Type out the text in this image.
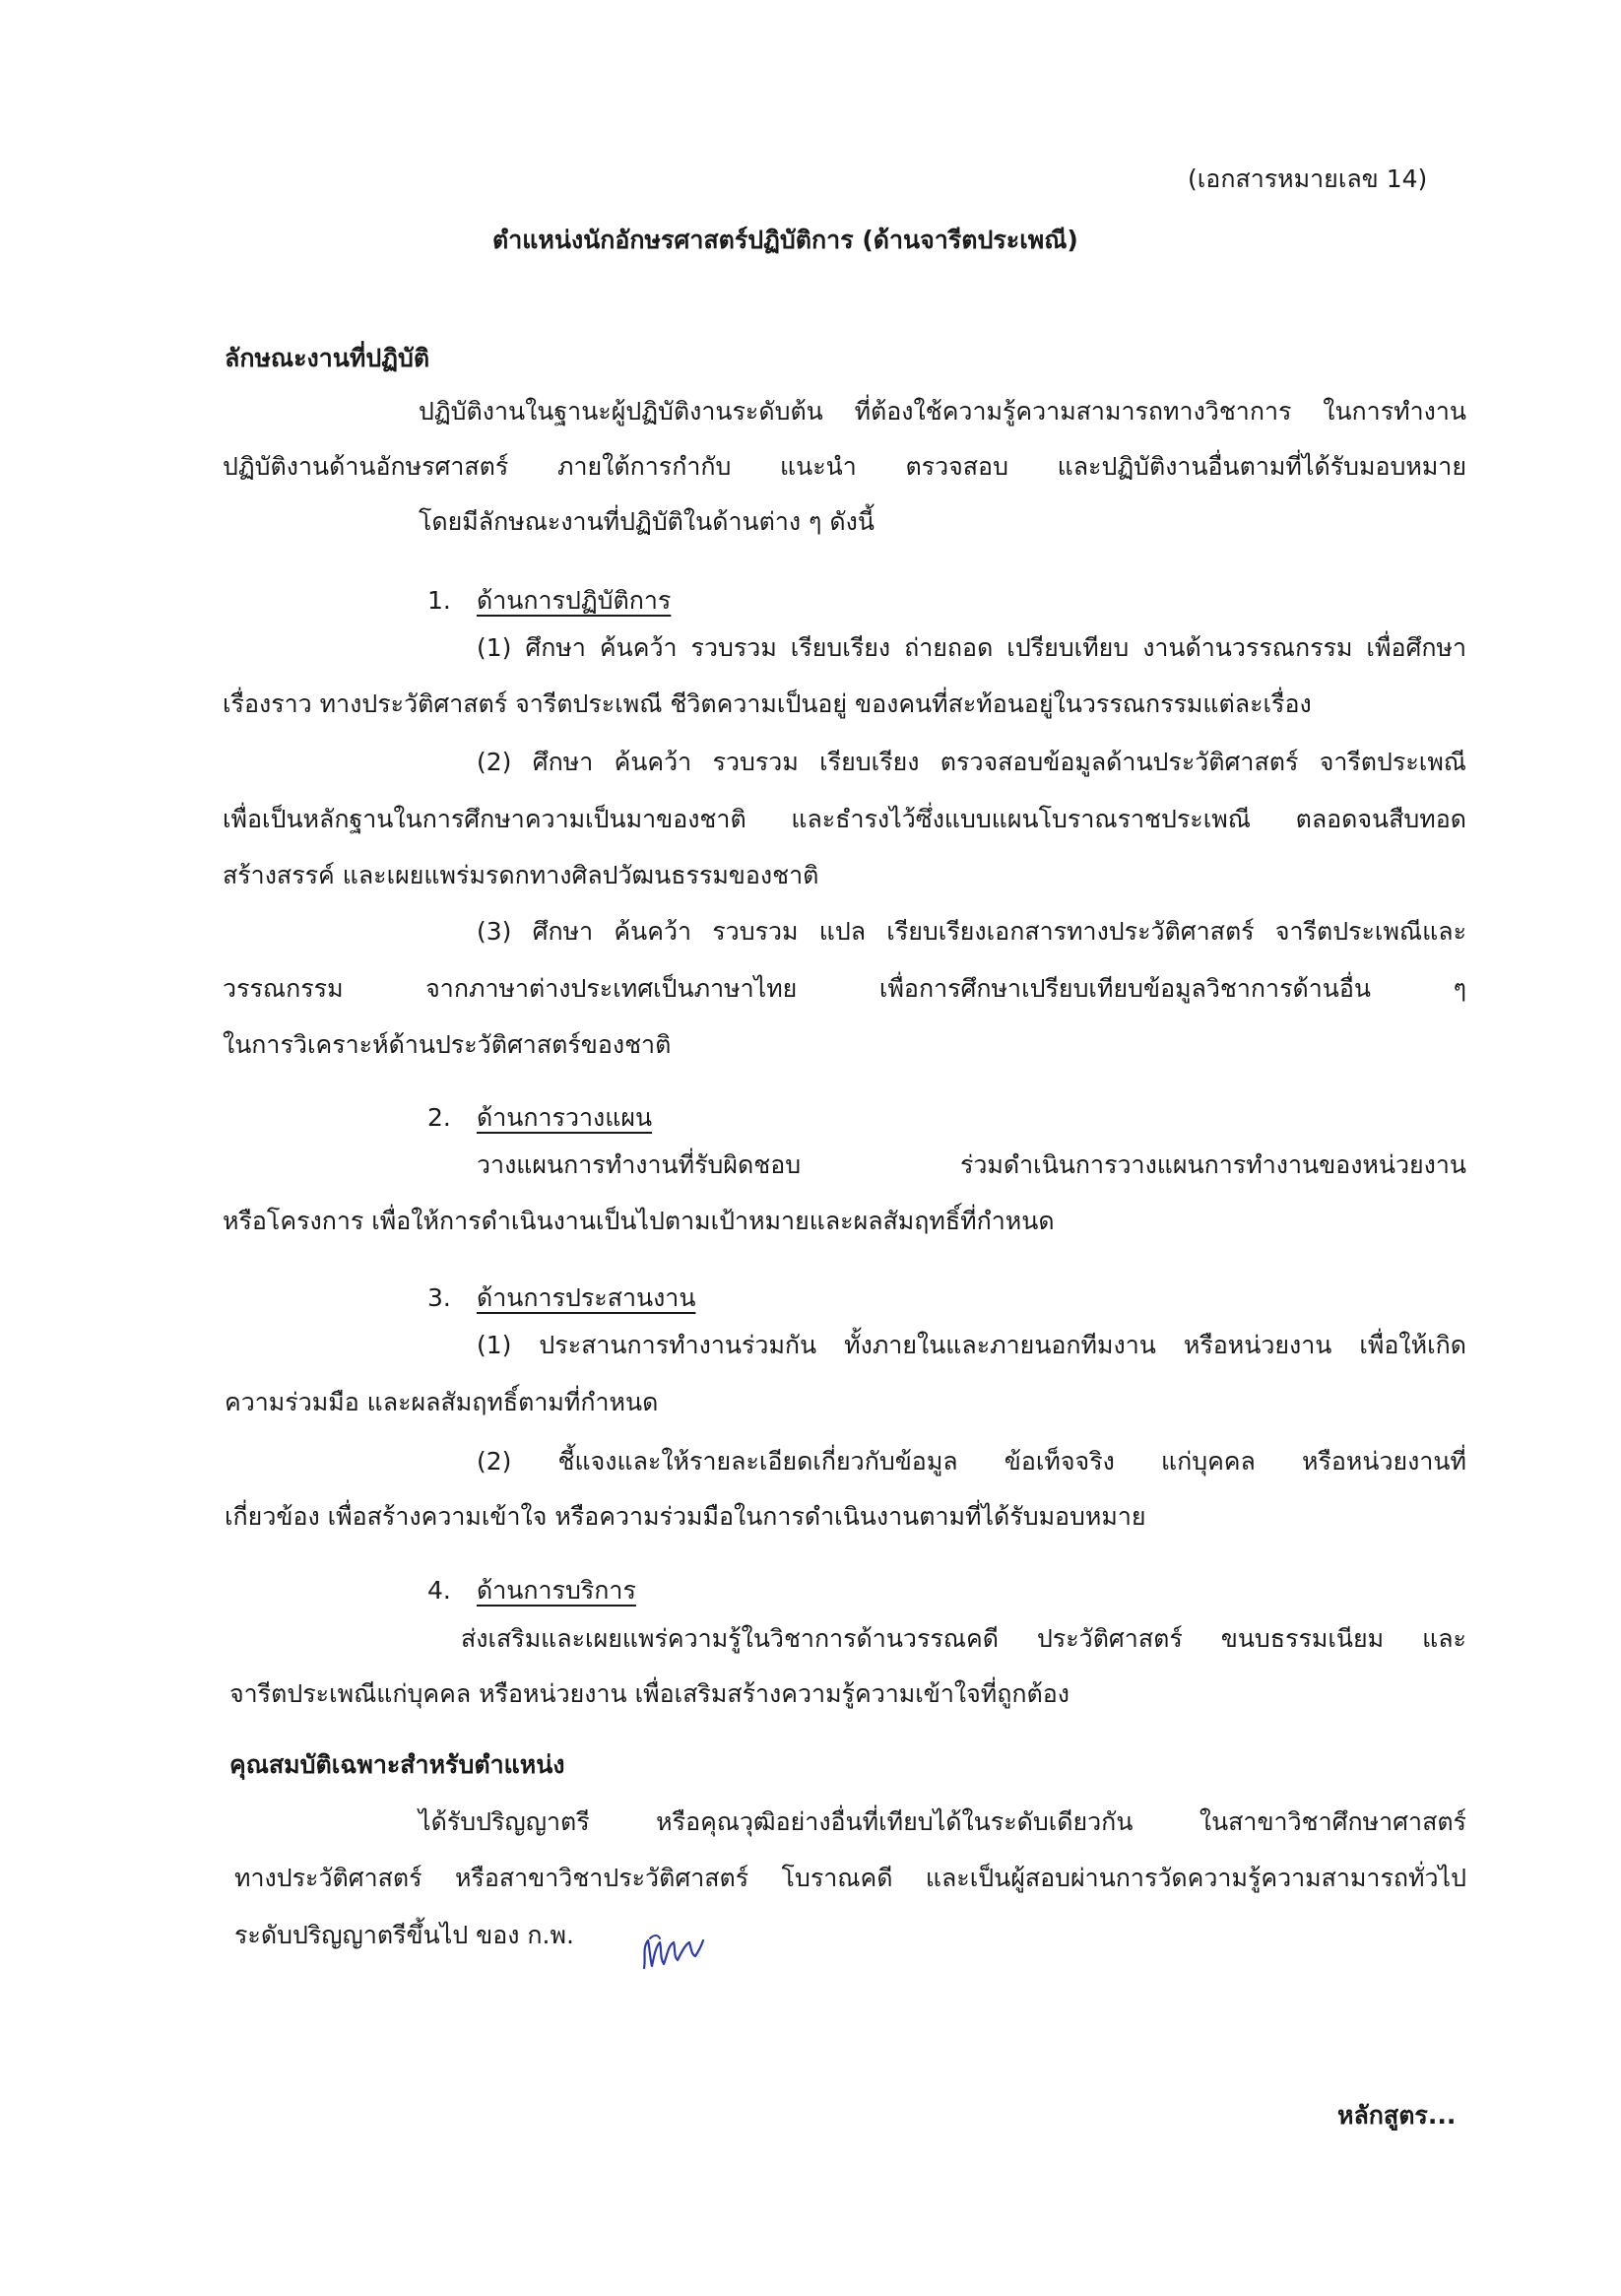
(เอกสารหมายเลข 14)
ตำแหน่งนักอักษรศาสตร์ปฏิบัติการ (ด้านจารีตประเพณี)
ลักษณะงานที่ปฏิบัติ
ปฏิบัติงานในฐานะผู้ปฏิบัติงานระดับต้น ที่ต้องใช้ความรู้ความสามารถทางวิชาการ ในการทำงาน
ปฏิบัติงานด้านอักษรศาสตร์ ภายใต้การกำกับ แนะนำ ตรวจสอบ และปฏิบัติงานอื่นตามที่ได้รับมอบหมาย
โดยมีลักษณะงานที่ปฏิบัติในด้านต่าง ๆ ดังนี้
1. ด้านการปฏิบัติการ
(1) ศึกษา ค้นคว้า รวบรวม เรียบเรียง ถ่ายถอด เปรียบเทียบ งานด้านวรรณกรรม เพื่อศึกษา
เรื่องราว ทางประวัติศาสตร์ จารีตประเพณี ชีวิตความเป็นอยู่ ของคนที่สะท้อนอยู่ในวรรณกรรมแต่ละเรื่อง
(2) ศึกษา ค้นคว้า รวบรวม เรียบเรียง ตรวจสอบข้อมูลด้านประวัติศาสตร์ จารีตประเพณี
เพื่อเป็นหลักฐานในการศึกษาความเป็นมาของชาติ และธำรงไว้ซึ่งแบบแผนโบราณราชประเพณี ตลอดจนสืบทอด
สร้างสรรค์ และเผยแพร่มรดกทางศิลปวัฒนธรรมของชาติ
(3) ศึกษา ค้นคว้า รวบรวม แปล เรียบเรียงเอกสารทางประวัติศาสตร์ จารีตประเพณีและ
วรรณกรรม จากภาษาต่างประเทศเป็นภาษาไทย เพื่อการศึกษาเปรียบเทียบข้อมูลวิชาการด้านอื่น ๆ
ในการวิเคราะห์ด้านประวัติศาสตร์ของชาติ
2. ด้านการวางแผน
วางแผนการทำงานที่รับผิดชอบ ร่วมดำเนินการวางแผนการทำงานของหน่วยงาน
หรือโครงการ เพื่อให้การดำเนินงานเป็นไปตามเป้าหมายและผลสัมฤทธิ์ที่กำหนด
3. ด้านการประสานงาน
(1) ประสานการทำงานร่วมกัน ทั้งภายในและภายนอกทีมงาน หรือหน่วยงาน เพื่อให้เกิด
ความร่วมมือ และผลสัมฤทธิ์ตามที่กำหนด
(2) ชี้แจงและให้รายละเอียดเกี่ยวกับข้อมูล ข้อเท็จจริง แก่บุคคล หรือหน่วยงานที่
เกี่ยวข้อง เพื่อสร้างความเข้าใจ หรือความร่วมมือในการดำเนินงานตามที่ได้รับมอบหมาย
4. ด้านการบริการ
ส่งเสริมและเผยแพร่ความรู้ในวิชาการด้านวรรณคดี ประวัติศาสตร์ ขนบธรรมเนียม และ
จารีตประเพณีแก่บุคคล หรือหน่วยงาน เพื่อเสริมสร้างความรู้ความเข้าใจที่ถูกต้อง
คุณสมบัติเฉพาะสำหรับตำแหน่ง
ได้รับปริญญาตรี หรือคุณวุฒิอย่างอื่นที่เทียบได้ในระดับเดียวกัน ในสาขาวิชาศึกษาศาสตร์
ทางประวัติศาสตร์ หรือสาขาวิชาประวัติศาสตร์ โบราณคดี และเป็นผู้สอบผ่านการวัดความรู้ความสามารถทั่วไป
ระดับปริญญาตรีขึ้นไป ของ ก.พ.
หลักสูตร...
